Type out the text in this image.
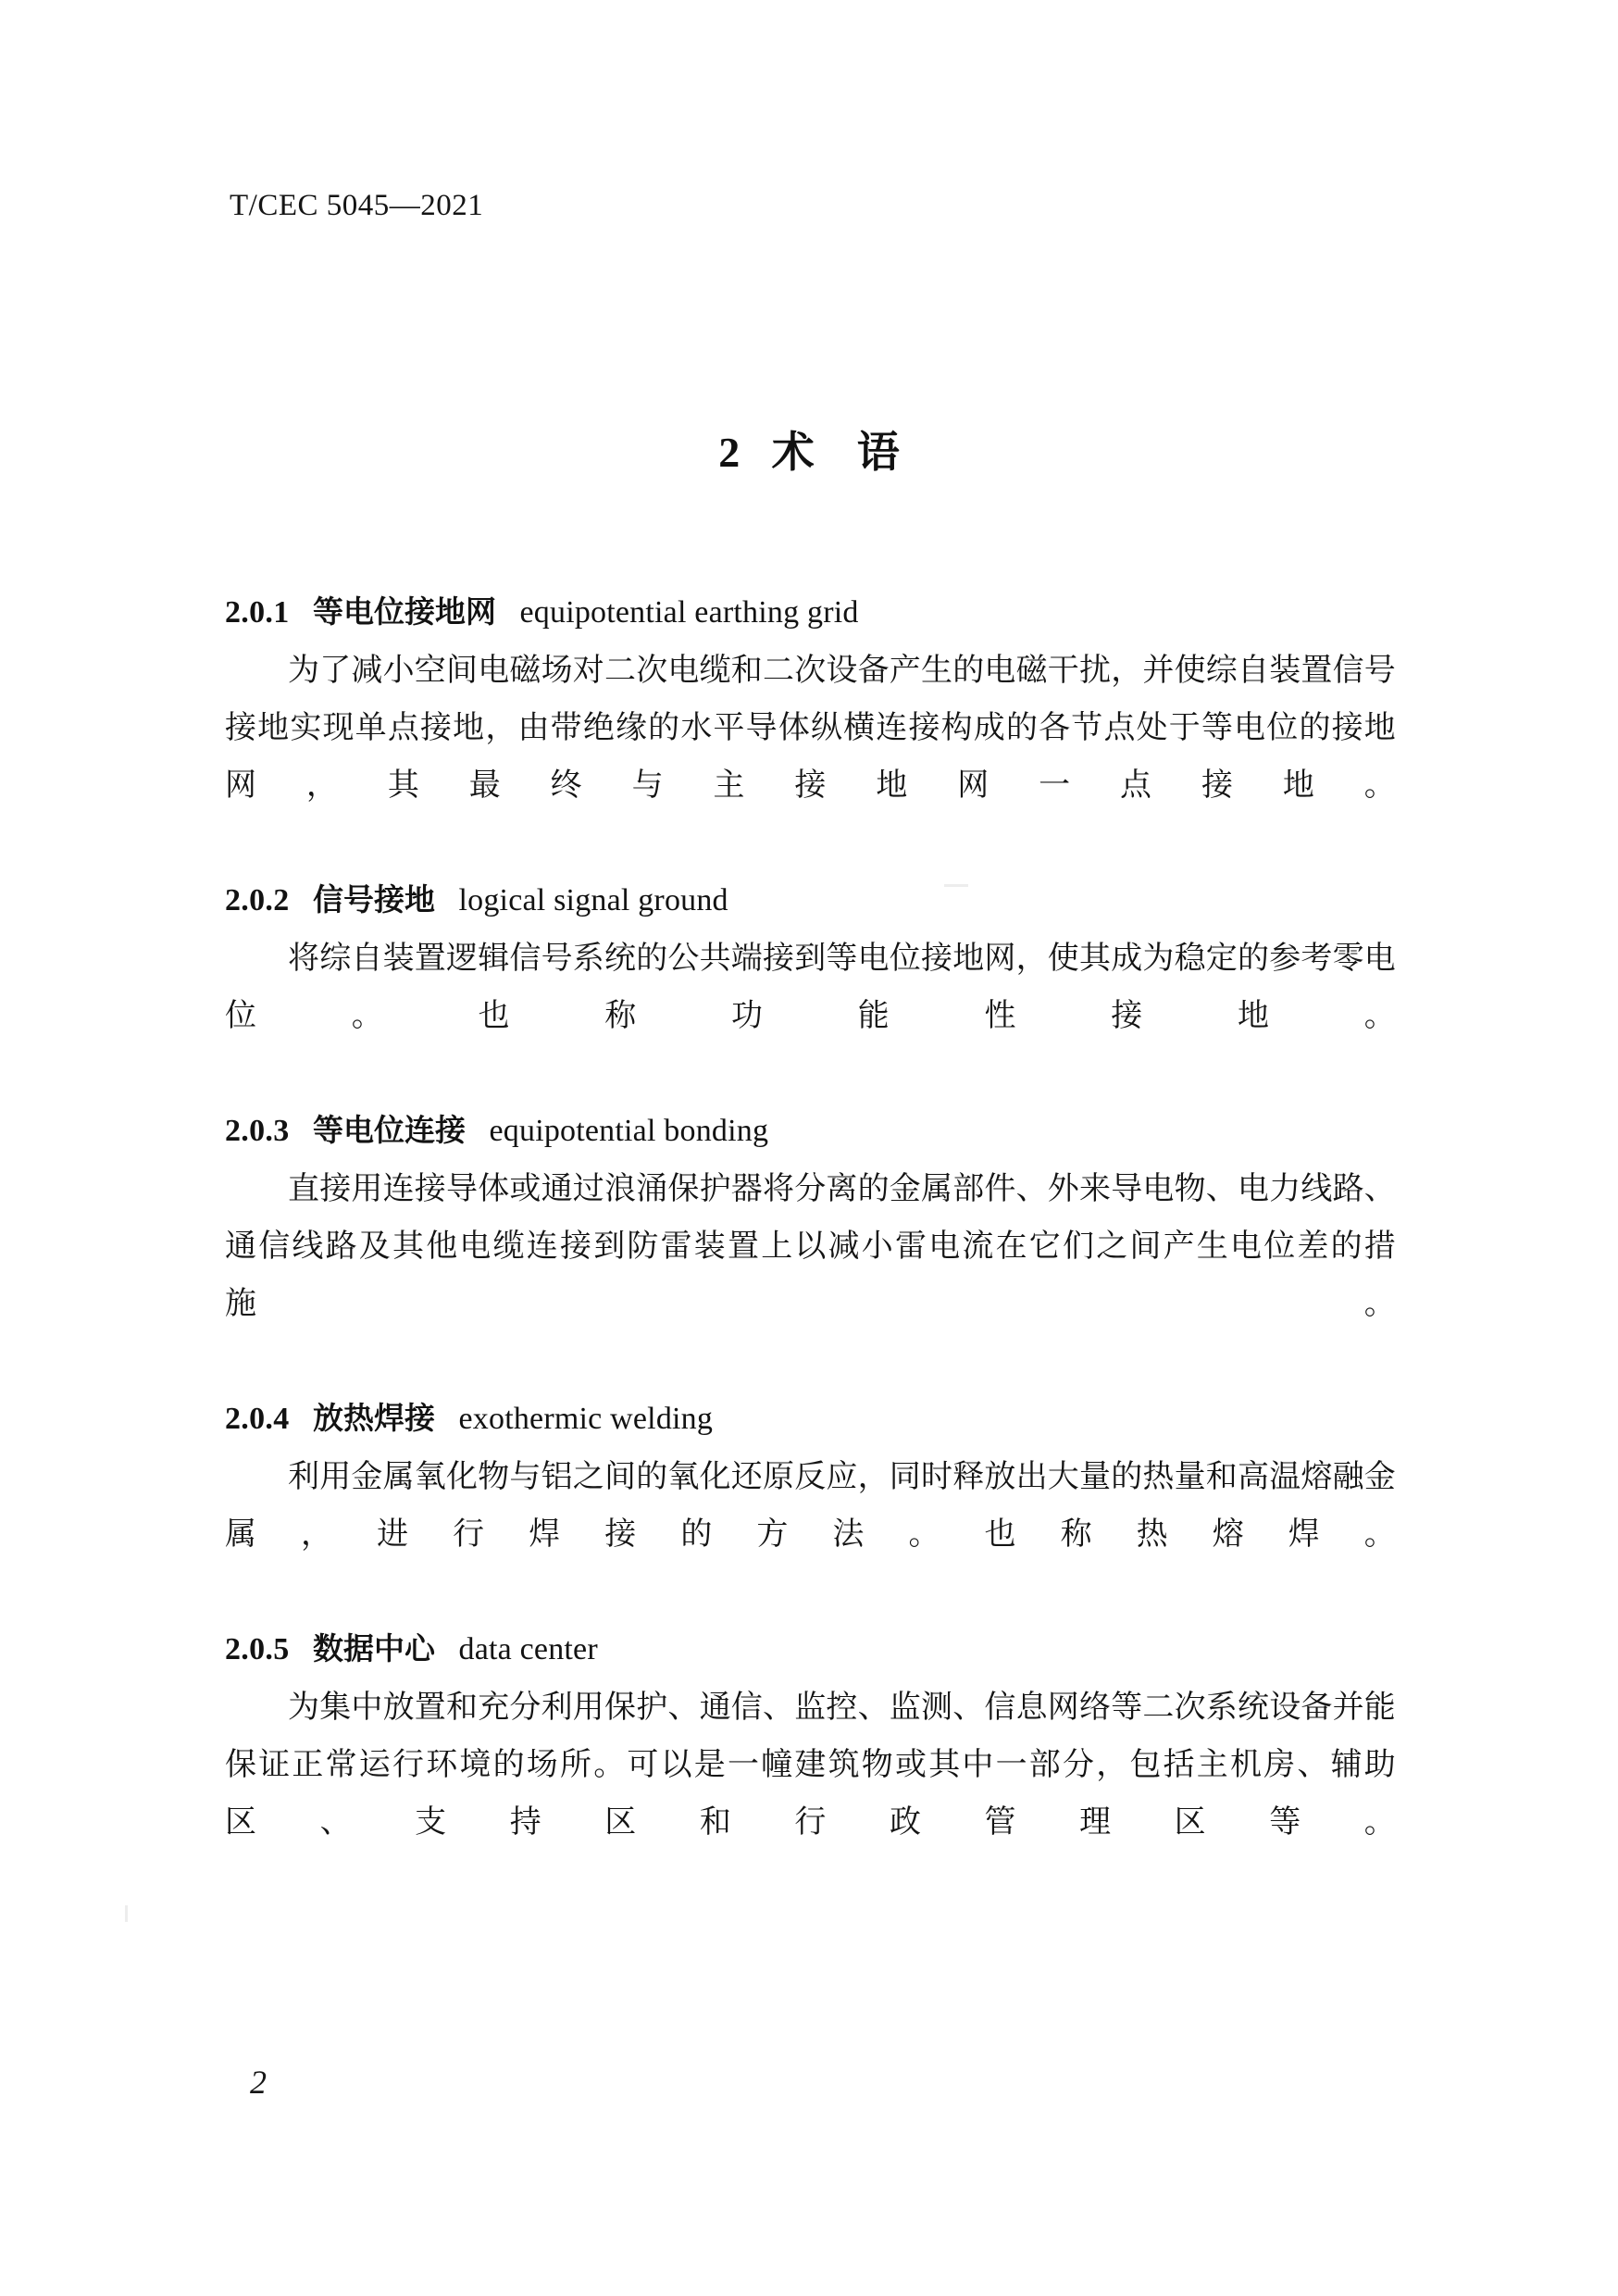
T/CEC 5045—2021
2   术    语
2.0.1 等电位接地网 equipotential earthing grid

为了减小空间电磁场对二次电缆和二次设备产生的电磁干扰，并使综自装置信号接地实现单点接地，由带绝缘的水平导体纵横连接构成的各节点处于等电位的接地网，其最终与主接地网一点接地。

2.0.2 信号接地 logical signal ground

将综自装置逻辑信号系统的公共端接到等电位接地网，使其成为稳定的参考零电位。也称功能性接地。

2.0.3 等电位连接 equipotential bonding

直接用连接导体或通过浪涌保护器将分离的金属部件、外来导电物、电力线路、通信线路及其他电缆连接到防雷装置上以减小雷电流在它们之间产生电位差的措施。

2.0.4 放热焊接 exothermic welding

利用金属氧化物与铝之间的氧化还原反应，同时释放出大量的热量和高温熔融金属，进行焊接的方法。也称热熔焊。

2.0.5 数据中心 data center

为集中放置和充分利用保护、通信、监控、监测、信息网络等二次系统设备并能保证正常运行环境的场所。可以是一幢建筑物或其中一部分，包括主机房、辅助区、支持区和行政管理区等。

2
